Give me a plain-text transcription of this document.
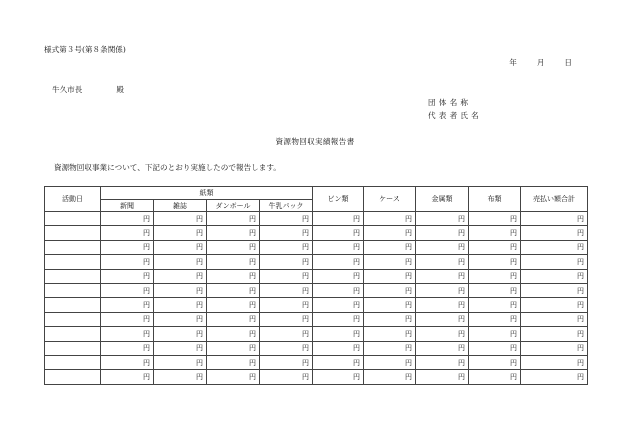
様式第３号(第８条関係)
年	月	日
牛久市長	殿
団体名称
代表者氏名
資源物回収実績報告書
資源物回収事業について、下記のとおり実施したので報告します。
活動日	紙類				ビン類	ケース	金属類	布類	売払い額合計
	新聞	雑誌	ダンボール	牛乳パック					
	円	円	円	円	円	円	円	円	円
	円	円	円	円	円	円	円	円	円
	円	円	円	円	円	円	円	円	円
	円	円	円	円	円	円	円	円	円
	円	円	円	円	円	円	円	円	円
	円	円	円	円	円	円	円	円	円
	円	円	円	円	円	円	円	円	円
	円	円	円	円	円	円	円	円	円
	円	円	円	円	円	円	円	円	円
	円	円	円	円	円	円	円	円	円
	円	円	円	円	円	円	円	円	円
	円	円	円	円	円	円	円	円	円
